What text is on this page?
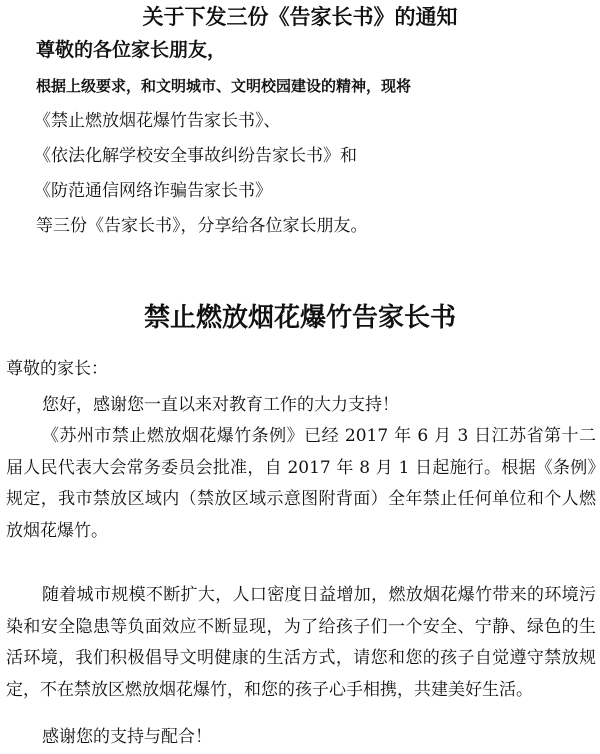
关于下发三份《告家长书》的通知

尊敬的各位家长朋友，

根据上级要求，和文明城市、文明校园建设的精神，现将

《禁止燃放烟花爆竹告家长书》、

《依法化解学校安全事故纠纷告家长书》和

《防范通信网络诈骗告家长书》

等三份《告家长书》，分享给各位家长朋友。

禁止燃放烟花爆竹告家长书

尊敬的家长：

您好，感谢您一直以来对教育工作的大力支持！

《苏州市禁止燃放烟花爆竹条例》已经 2017 年 6 月 3 日江苏省第十二届人民代表大会常务委员会批准，自 2017 年 8 月 1 日起施行。根据《条例》规定，我市禁放区域内（禁放区域示意图附背面）全年禁止任何单位和个人燃放烟花爆竹。

随着城市规模不断扩大，人口密度日益增加，燃放烟花爆竹带来的环境污染和安全隐患等负面效应不断显现，为了给孩子们一个安全、宁静、绿色的生活环境，我们积极倡导文明健康的生活方式，请您和您的孩子自觉遵守禁放规定，不在禁放区燃放烟花爆竹，和您的孩子心手相携，共建美好生活。

感谢您的支持与配合！
